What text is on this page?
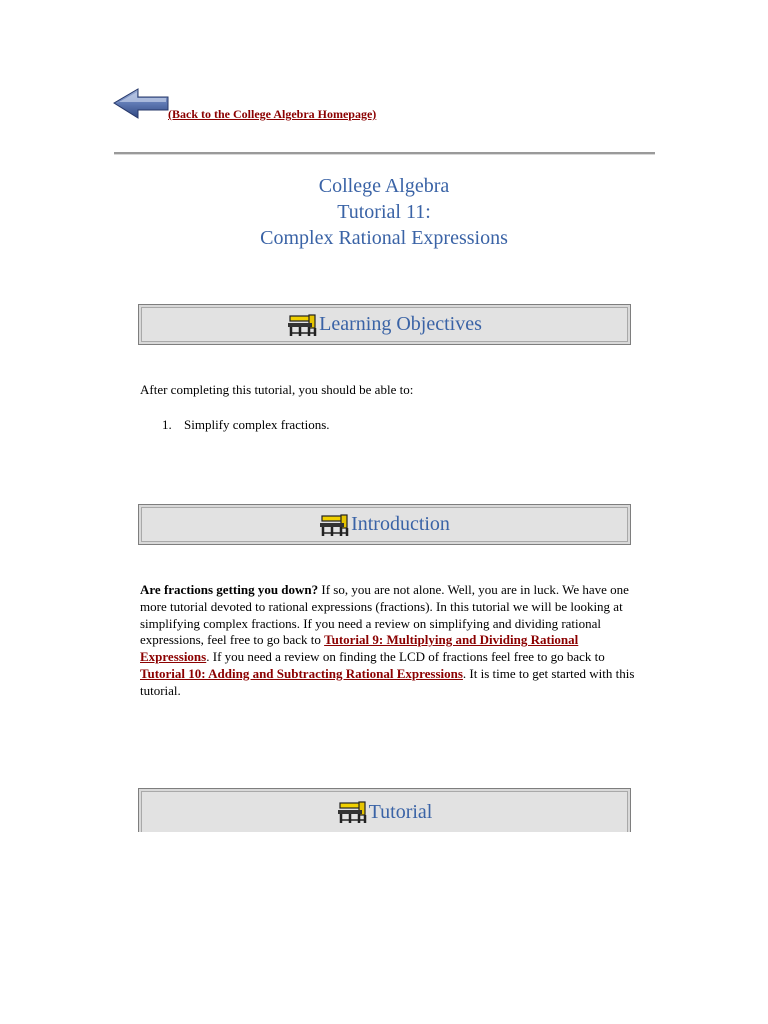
(Back to the College Algebra Homepage)
College Algebra
Tutorial 11:
Complex Rational Expressions
Learning Objectives
After completing this tutorial, you should be able to:
1. Simplify complex fractions.
Introduction
Are fractions getting you down? If so, you are not alone. Well, you are in luck. We have one more tutorial devoted to rational expressions (fractions). In this tutorial we will be looking at simplifying complex fractions. If you need a review on simplifying and dividing rational expressions, feel free to go back to Tutorial 9: Multiplying and Dividing Rational Expressions. If you need a review on finding the LCD of fractions feel free to go back to Tutorial 10: Adding and Subtracting Rational Expressions. It is time to get started with this tutorial.
Tutorial
